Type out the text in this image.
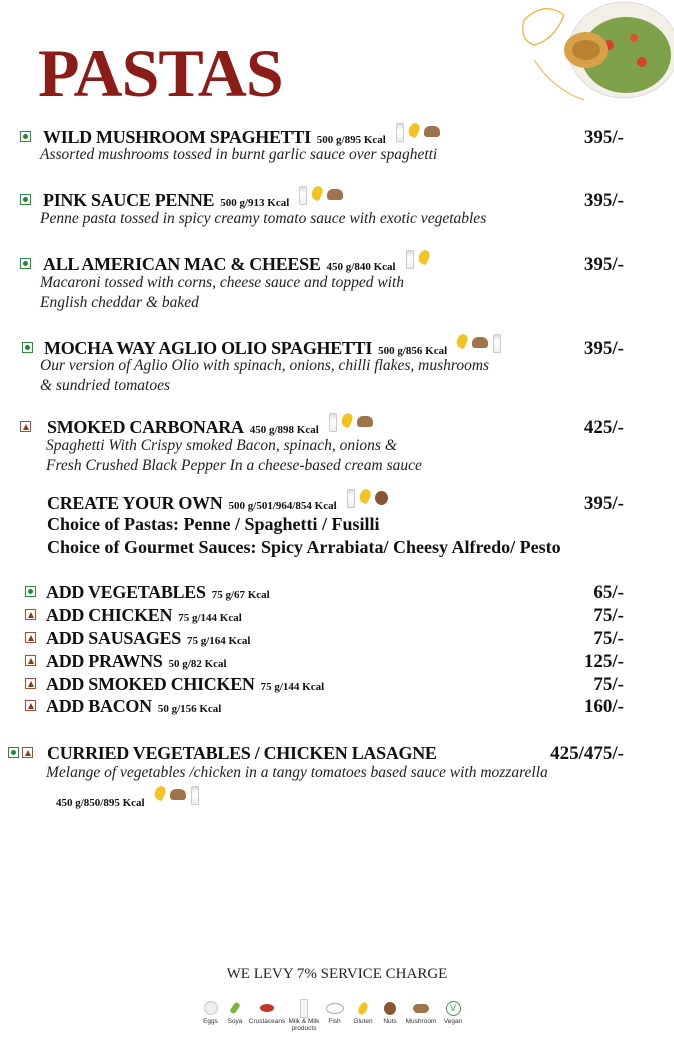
PASTAS
WILD MUSHROOM SPAGHETTI 500 g/895 Kcal	395/-
Assorted mushrooms tossed in burnt garlic sauce over spaghetti
PINK SAUCE PENNE 500 g/913 Kcal	395/-
Penne pasta tossed in spicy creamy tomato sauce with exotic vegetables
ALL AMERICAN MAC & CHEESE 450 g/840 Kcal	395/-
Macaroni tossed with corns, cheese sauce and topped with
English cheddar & baked
MOCHA WAY AGLIO OLIO SPAGHETTI 500 g/856 Kcal	395/-
Our version of Aglio Olio with spinach, onions, chilli flakes, mushrooms
& sundried tomatoes
SMOKED CARBONARA 450 g/898 Kcal	425/-
Spaghetti With Crispy smoked Bacon, spinach, onions &
Fresh Crushed Black Pepper In a cheese-based cream sauce
CREATE YOUR OWN 500 g/501/964/854 Kcal	395/-
Choice of Pastas: Penne / Spaghetti / Fusilli
Choice of Gourmet Sauces: Spicy Arrabiata/ Cheesy Alfredo/ Pesto
ADD VEGETABLES 75 g/67 Kcal	65/-
ADD CHICKEN 75 g/144 Kcal	75/-
ADD SAUSAGES 75 g/164 Kcal	75/-
ADD PRAWNS 50 g/82 Kcal	125/-
ADD SMOKED CHICKEN 75 g/144 Kcal	75/-
ADD BACON 50 g/156 Kcal	160/-
CURRIED VEGETABLES / CHICKEN LASAGNE	425/475/-
Melange of vegetables /chicken in a tangy tomatoes based sauce with mozzarella
450 g/850/895 Kcal
WE LEVY 7% SERVICE CHARGE
Eggs Soya Crustaceans Milk & Milk products
Fish Gluten Nuts Mushroom
V
Vegan
